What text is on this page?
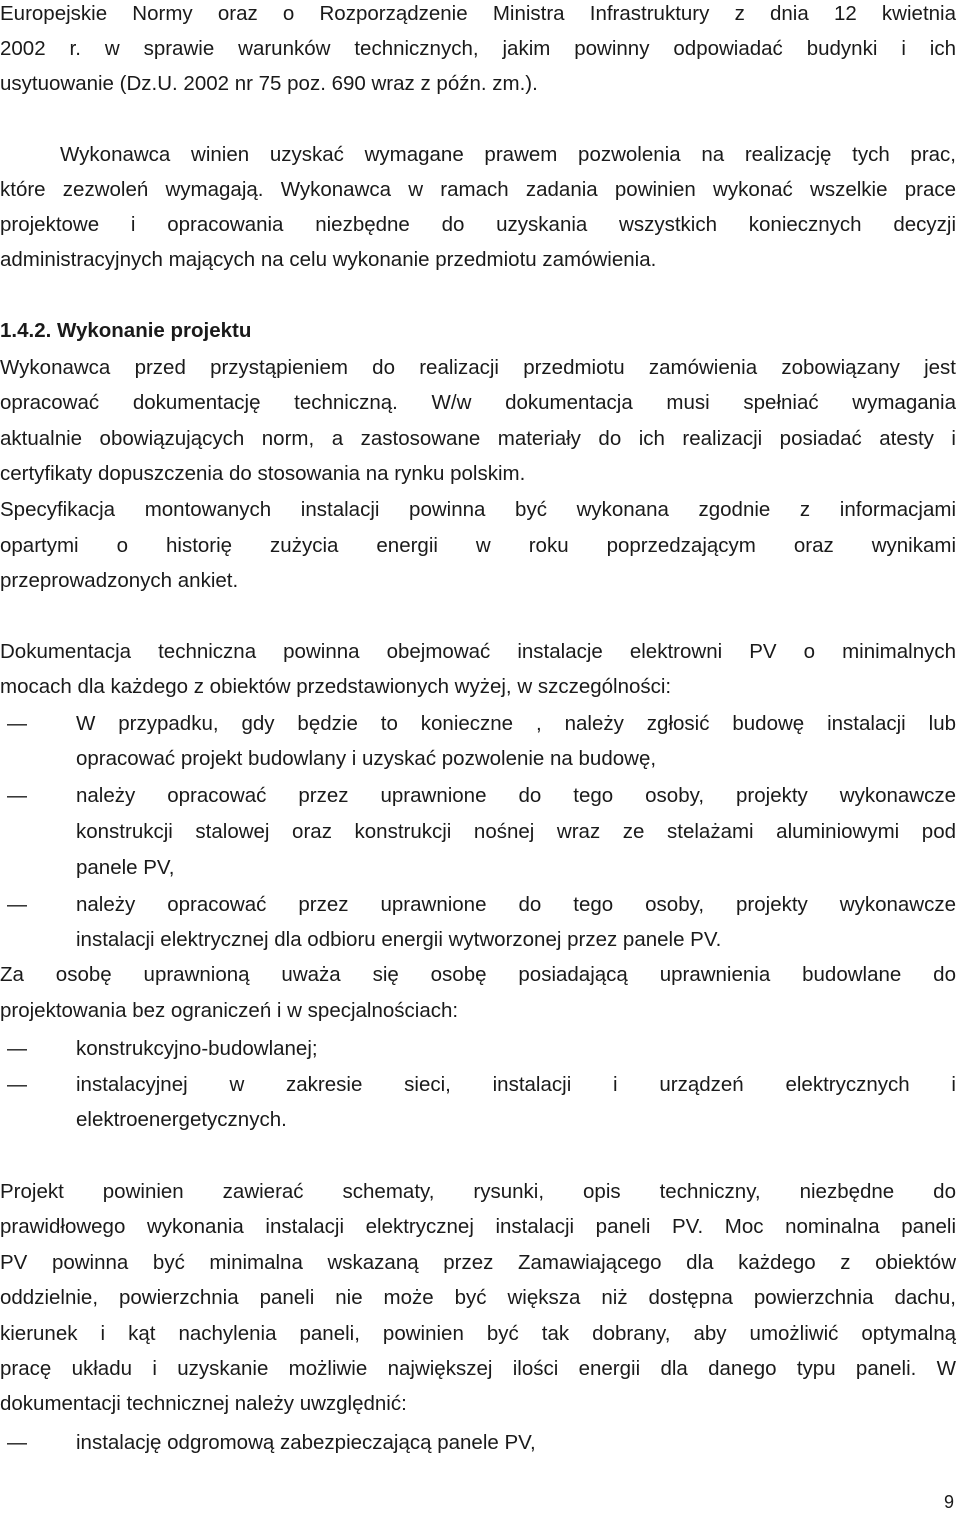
Europejskie Normy oraz o Rozporządzenie Ministra Infrastruktury z dnia 12 kwietnia
2002 r. w sprawie warunków technicznych, jakim powinny odpowiadać budynki i ich
usytuowanie (Dz.U. 2002 nr 75 poz. 690 wraz z późn. zm.).
Wykonawca winien uzyskać wymagane prawem pozwolenia na realizację tych prac,
które zezwoleń wymagają. Wykonawca w ramach zadania powinien wykonać wszelkie prace
projektowe i opracowania niezbędne do uzyskania wszystkich koniecznych decyzji
administracyjnych mających na celu wykonanie przedmiotu zamówienia.
1.4.2. Wykonanie projektu
Wykonawca przed przystąpieniem do realizacji przedmiotu zamówienia zobowiązany jest
opracować dokumentację techniczną. W/w dokumentacja musi spełniać wymagania
aktualnie obowiązujących norm, a zastosowane materiały do ich realizacji posiadać atesty i
certyfikaty dopuszczenia do stosowania na rynku polskim.
Specyfikacja montowanych instalacji powinna być wykonana zgodnie z informacjami
opartymi o historię zużycia energii w roku poprzedzającym oraz wynikami
przeprowadzonych ankiet.
Dokumentacja techniczna powinna obejmować instalacje elektrowni PV o minimalnych
mocach dla każdego z obiektów przedstawionych wyżej, w szczególności:
— W przypadku, gdy będzie to konieczne , należy zgłosić budowę instalacji lub
opracować projekt budowlany i uzyskać pozwolenie na budowę,
— należy opracować przez uprawnione do tego osoby, projekty wykonawcze
konstrukcji stalowej oraz konstrukcji nośnej wraz ze stelażami aluminiowymi pod
panele PV,
— należy opracować przez uprawnione do tego osoby, projekty wykonawcze
instalacji elektrycznej dla odbioru energii wytworzonej przez panele PV.
Za osobę uprawnioną uważa się osobę posiadającą uprawnienia budowlane do
projektowania bez ograniczeń i w specjalnościach:
— konstrukcyjno-budowlanej;
— instalacyjnej w zakresie sieci, instalacji i urządzeń elektrycznych i
elektroenergetycznych.
Projekt powinien zawierać schematy, rysunki, opis techniczny, niezbędne do
prawidłowego wykonania instalacji elektrycznej instalacji paneli PV. Moc nominalna paneli
PV powinna być minimalna wskazaną przez Zamawiającego dla każdego z obiektów
oddzielnie, powierzchnia paneli nie może być większa niż dostępna powierzchnia dachu,
kierunek i kąt nachylenia paneli, powinien być tak dobrany, aby umożliwić optymalną
pracę układu i uzyskanie możliwie największej ilości energii dla danego typu paneli. W
dokumentacji technicznej należy uwzględnić:
— instalację odgromową zabezpieczającą panele PV,
9
